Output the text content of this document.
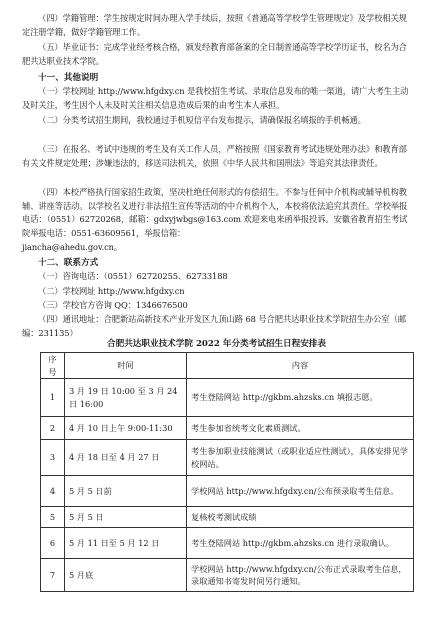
（四）学籍管理：学生按规定时间办理入学手续后，按照《普通高等学校学生管理规定》及学校相关规定注册学籍，做好学籍管理工作。

（五）毕业证书：完成学业经考核合格，颁发经教育部备案的全日制普通高等学校学历证书，校名为合肥共达职业技术学院。

十一、其他说明

（一）学校网址 http://www.hfgdxy.cn 是我校招生考试、录取信息发布的唯一渠道，请广大考生主动及时关注，考生因个人未及时关注相关信息造成后果的由考生本人承担。

（二）分类考试招生期间，我校通过手机短信平台发布提示，请确保报名填报的手机畅通。

（三）在报名、考试中违规的考生及有关工作人员，严格按照《国家教育考试违规处理办法》和教育部有关文件规定处理；涉嫌违法的，移送司法机关，依照《中华人民共和国刑法》等追究其法律责任。

（四）本校严格执行国家招生政策，坚决杜绝任何形式的有偿招生。不参与任何中介机构或辅导机构教辅、讲座等活动。以学校名义进行非法招生宣传等活动的中介机构个人，本校将依法追究其责任。学校举报电话：（0551）62720268，邮箱：gdxyjwbgs@163.com 欢迎来电来函举报投诉。安徽省教育招生考试院举报电话：0551-63609561，举报信箱：

jiancha@ahedu.gov.cn。

十二、联系方式

（一）咨询电话：（0551）62720255、62733188

（二）学校网址 http://www.hfgdxy.cn

（三）学校官方咨询 QQ：1346676500

（四）通讯地址：合肥新站高新技术产业开发区九顶山路 68 号合肥共达职业技术学院招生办公室（邮编：231135）

合肥共达职业技术学院 2022 年分类考试招生日程安排表

序号	时间	内容
1	3 月 19 日 10:00 至 3 月 24 日 16:00	考生登陆网站 http://gkbm.ahzsks.cn 填报志愿。
2	4 月 10 日上午 9:00-11:30	考生参加省统考文化素质测试。
3	4 月 18 日至 4 月 27 日	考生参加职业技能测试（或职业适应性测试），具体安排见学校网站。
4	5 月 5 日前	学校网站 http://www.hfgdxy.cn/公布预录取考生信息。
5	5 月 5 日	复核校考测试成绩
6	5 月 11 日至 5 月 12 日	考生登陆网站 http://gkbm.ahzsks.cn 进行录取确认。
7	5 月底	学校网站 http://www.hfgdxy.cn/公布正式录取考生信息，录取通知书寄发时间另行通知。
